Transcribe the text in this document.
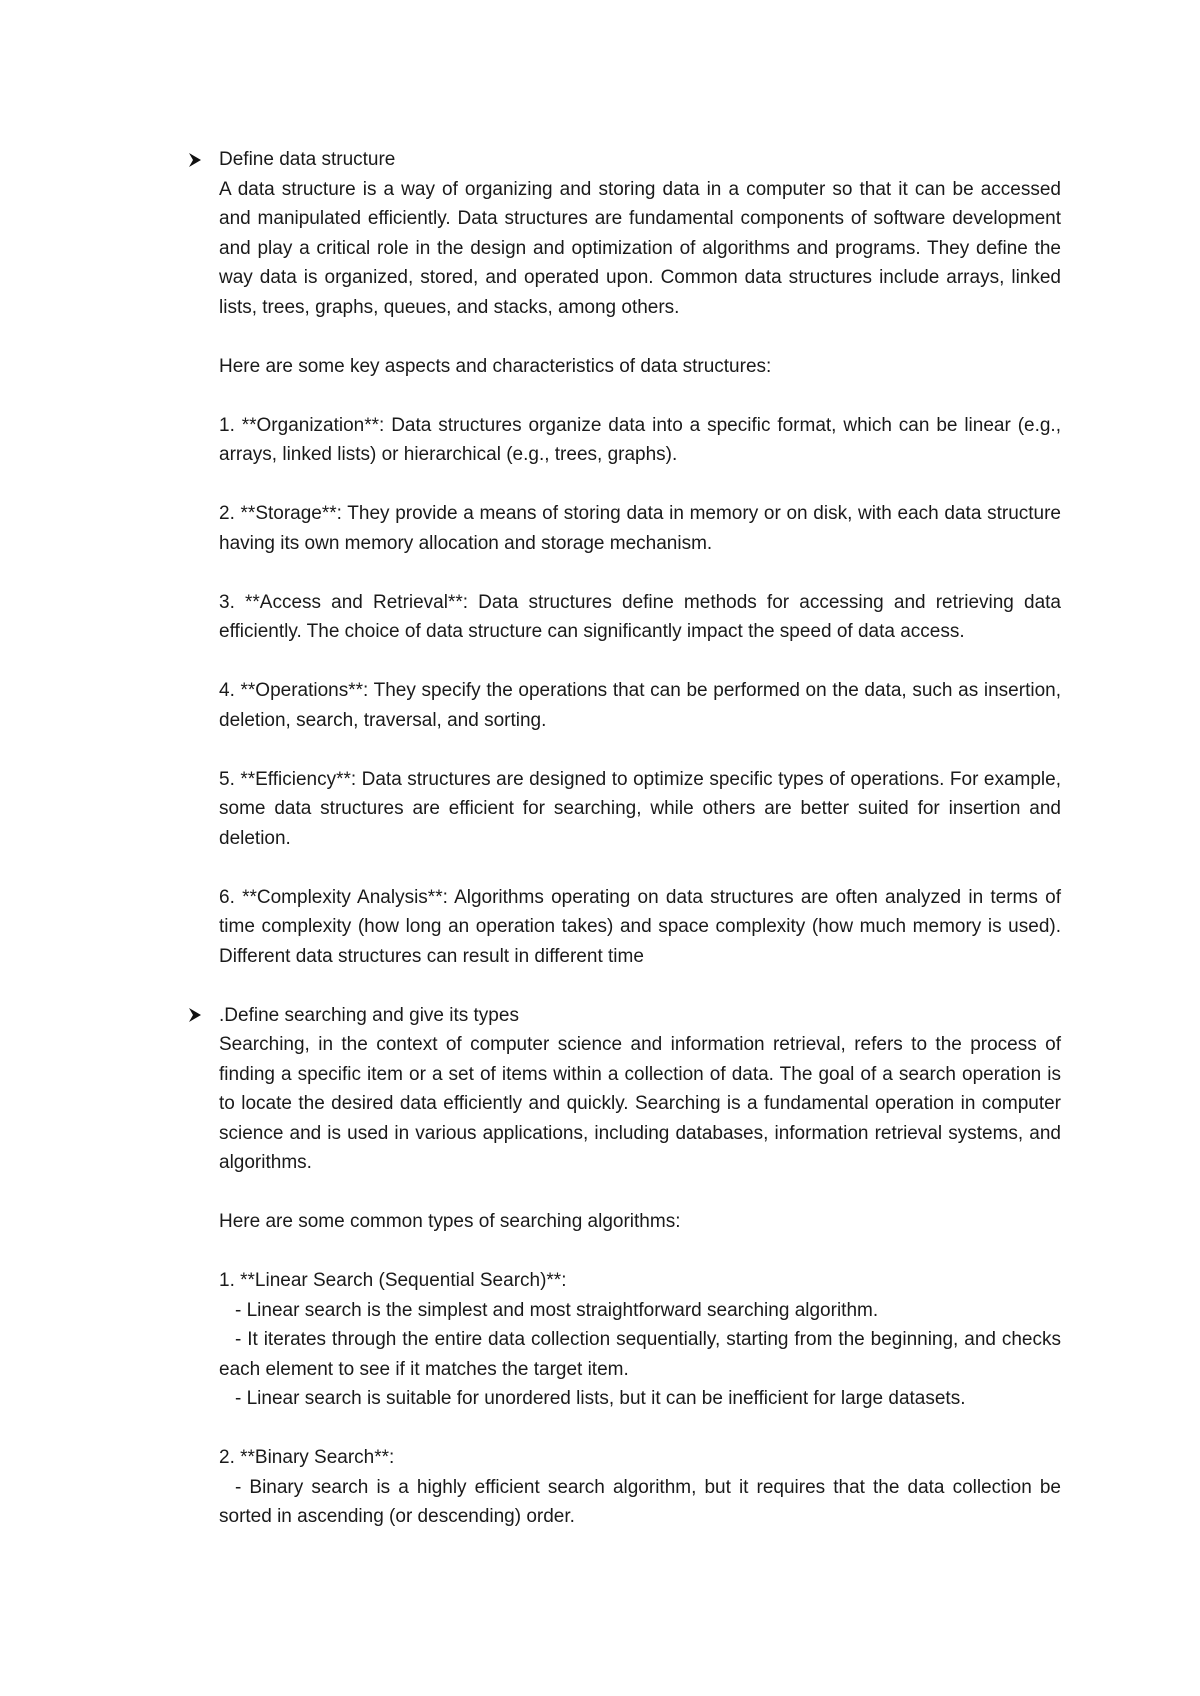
Define data structure

A data structure is a way of organizing and storing data in a computer so that it can be accessed and manipulated efficiently. Data structures are fundamental components of software development and play a critical role in the design and optimization of algorithms and programs. They define the way data is organized, stored, and operated upon. Common data structures include arrays, linked lists, trees, graphs, queues, and stacks, among others.

Here are some key aspects and characteristics of data structures:

1. **Organization**: Data structures organize data into a specific format, which can be linear (e.g., arrays, linked lists) or hierarchical (e.g., trees, graphs).

2. **Storage**: They provide a means of storing data in memory or on disk, with each data structure having its own memory allocation and storage mechanism.

3. **Access and Retrieval**: Data structures define methods for accessing and retrieving data efficiently. The choice of data structure can significantly impact the speed of data access.

4. **Operations**: They specify the operations that can be performed on the data, such as insertion, deletion, search, traversal, and sorting.

5. **Efficiency**: Data structures are designed to optimize specific types of operations. For example, some data structures are efficient for searching, while others are better suited for insertion and deletion.

6. **Complexity Analysis**: Algorithms operating on data structures are often analyzed in terms of time complexity (how long an operation takes) and space complexity (how much memory is used). Different data structures can result in different time

.Define searching and give its types

Searching, in the context of computer science and information retrieval, refers to the process of finding a specific item or a set of items within a collection of data. The goal of a search operation is to locate the desired data efficiently and quickly. Searching is a fundamental operation in computer science and is used in various applications, including databases, information retrieval systems, and algorithms.

Here are some common types of searching algorithms:

1. **Linear Search (Sequential Search)**:

- Linear search is the simplest and most straightforward searching algorithm.

- It iterates through the entire data collection sequentially, starting from the beginning, and checks each element to see if it matches the target item.

- Linear search is suitable for unordered lists, but it can be inefficient for large datasets.

2. **Binary Search**:

- Binary search is a highly efficient search algorithm, but it requires that the data collection be sorted in ascending (or descending) order.
